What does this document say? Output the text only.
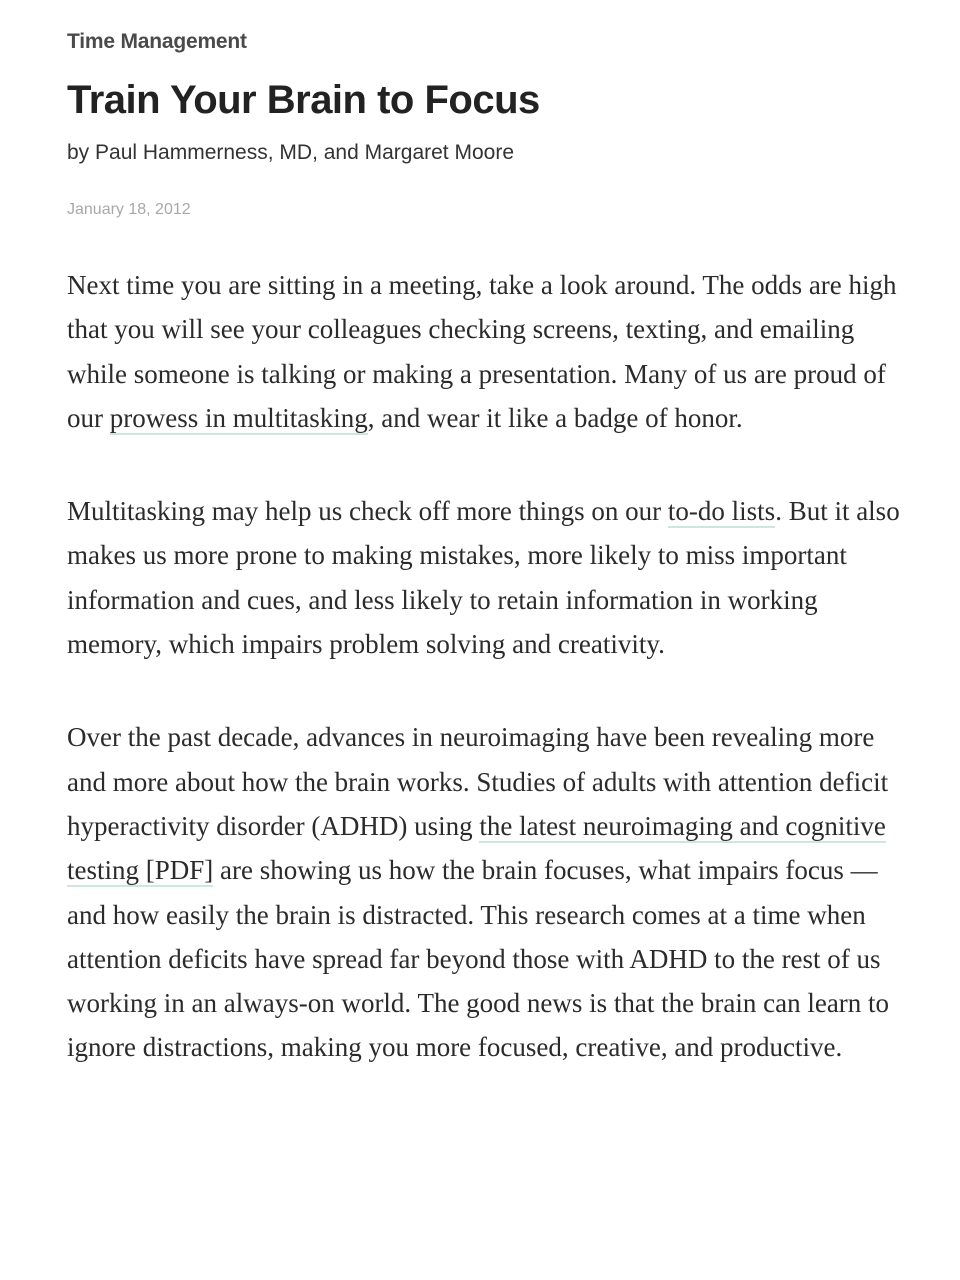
Time Management
Train Your Brain to Focus
by Paul Hammerness, MD, and Margaret Moore
January 18, 2012

Next time you are sitting in a meeting, take a look around. The odds are high that you will see your colleagues checking screens, texting, and emailing while someone is talking or making a presentation. Many of us are proud of our prowess in multitasking, and wear it like a badge of honor.

Multitasking may help us check off more things on our to-do lists. But it also makes us more prone to making mistakes, more likely to miss important information and cues, and less likely to retain information in working memory, which impairs problem solving and creativity.

Over the past decade, advances in neuroimaging have been revealing more and more about how the brain works. Studies of adults with attention deficit hyperactivity disorder (ADHD) using the latest neuroimaging and cognitive testing [PDF] are showing us how the brain focuses, what impairs focus — and how easily the brain is distracted. This research comes at a time when attention deficits have spread far beyond those with ADHD to the rest of us working in an always-on world. The good news is that the brain can learn to ignore distractions, making you more focused, creative, and productive.
